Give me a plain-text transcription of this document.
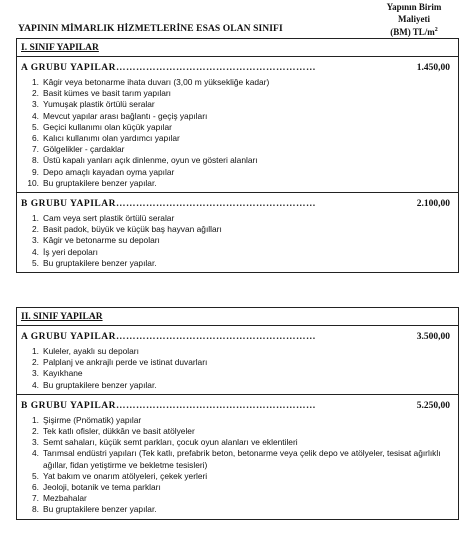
YAPININ MİMARLIK HİZMETLERİNE ESAS OLAN SINIFI
Yapının Birim
Maliyeti
(BM) $TL/m^2$
I. SINIF YAPILAR
A GRUBU YAPILAR……………………………………………………	1.450,00
1. Kâgir veya betonarme ihata duvarı (3,00 m yüksekliğe kadar)
2. Basit kümes ve basit tarım yapıları
3. Yumuşak plastik örtülü seralar
4. Mevcut yapılar arası bağlantı - geçiş yapıları
5. Geçici kullanımı olan küçük yapılar
6. Kalıcı kullanımı olan yardımcı yapılar
7. Gölgelikler - çardaklar
8. Üstü kapalı yanları açık dinlenme, oyun ve gösteri alanları
9. Depo amaçlı kayadan oyma yapılar
10. Bu gruptakilere benzer yapılar.
B GRUBU YAPILAR……………………………………………………	2.100,00
1. Cam veya sert plastik örtülü seralar
2. Basit padok, büyük ve küçük baş hayvan ağılları
3. Kâgir ve betonarme su depoları
4. İş yeri depoları
5. Bu gruptakilere benzer yapılar.
II. SINIF YAPILAR
A GRUBU YAPILAR……………………………………………………	3.500,00
1. Kuleler, ayaklı su depoları
2. Palplanj ve ankrajlı perde ve istinat duvarları
3. Kayıkhane
4. Bu gruptakilere benzer yapılar.
B GRUBU YAPILAR……………………………………………………	5.250,00
1. Şişirme (Pnömatik) yapılar
2. Tek katlı ofisler, dükkân ve basit atölyeler
3. Semt sahaları, küçük semt parkları, çocuk oyun alanları ve eklentileri
4. Tarımsal endüstri yapıları (Tek katlı, prefabrik beton, betonarme veya çelik depo ve atölyeler, tesisat ağırlıklı ağıllar, fidan yetiştirme ve bekletme tesisleri)
5. Yat bakım ve onarım atölyeleri, çekek yerleri
6. Jeoloji, botanik ve tema parkları
7. Mezbahalar
8. Bu gruptakilere benzer yapılar.
